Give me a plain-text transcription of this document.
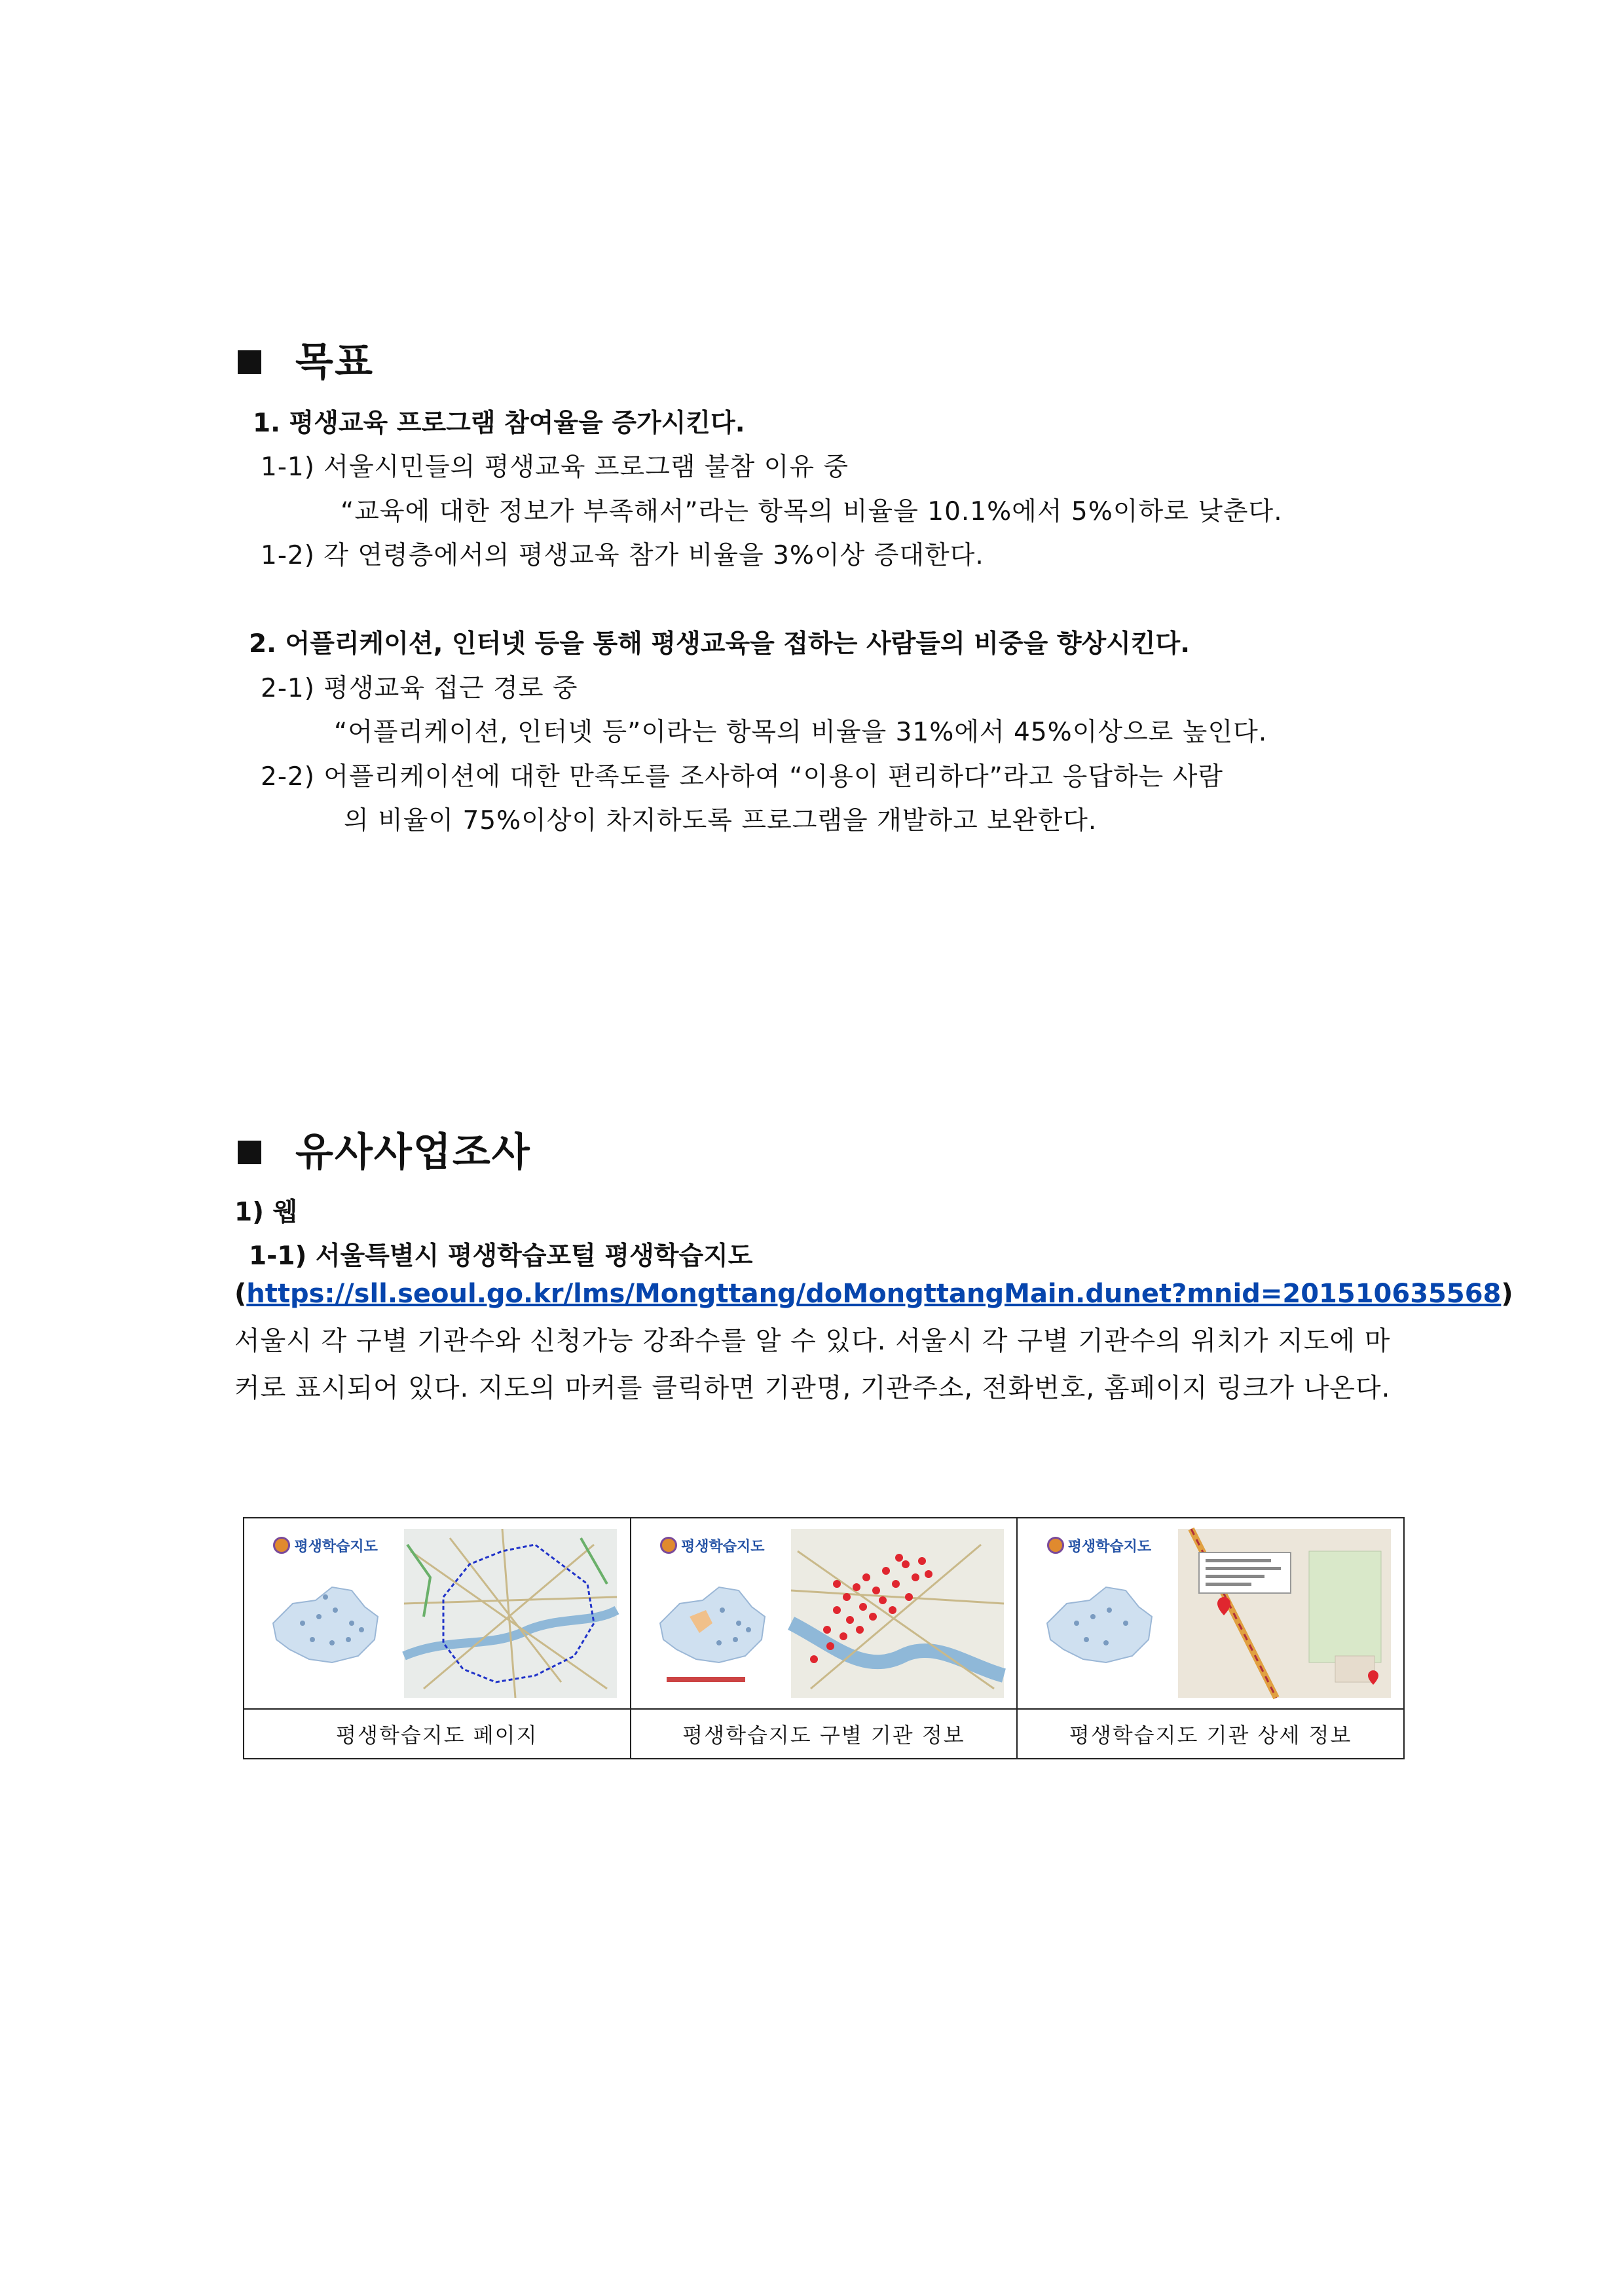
목표
1. 평생교육 프로그램 참여율을 증가시킨다.
1-1) 서울시민들의 평생교육 프로그램 불참 이유 중
“교육에 대한 정보가 부족해서”라는 항목의 비율을 10.1%에서 5%이하로 낮춘다.
1-2) 각 연령층에서의 평생교육 참가 비율을 3%이상 증대한다.
2. 어플리케이션, 인터넷 등을 통해 평생교육을 접하는 사람들의 비중을 향상시킨다.
2-1) 평생교육 접근 경로 중
“어플리케이션, 인터넷 등”이라는 항목의 비율을 31%에서 45%이상으로 높인다.
2-2) 어플리케이션에 대한 만족도를 조사하여 “이용이 편리하다”라고 응답하는 사람
의 비율이 75%이상이 차지하도록 프로그램을 개발하고 보완한다.
유사사업조사
1) 웹
1-1) 서울특별시 평생학습포털 평생학습지도
(https://sll.seoul.go.kr/lms/Mongttang/doMongttangMain.dunet?mnid=201510635568)
서울시 각 구별 기관수와 신청가능 강좌수를 알 수 있다. 서울시 각 구별 기관수의 위치가 지도에 마커로 표시되어 있다. 지도의 마커를 클릭하면 기관명, 기관주소, 전화번호, 홈페이지 링크가 나온다.
평생학습지도	평생학습지도	평생학습지도

평생학습지도 페이지	평생학습지도 구별 기관 정보	평생학습지도 기관 상세 정보
